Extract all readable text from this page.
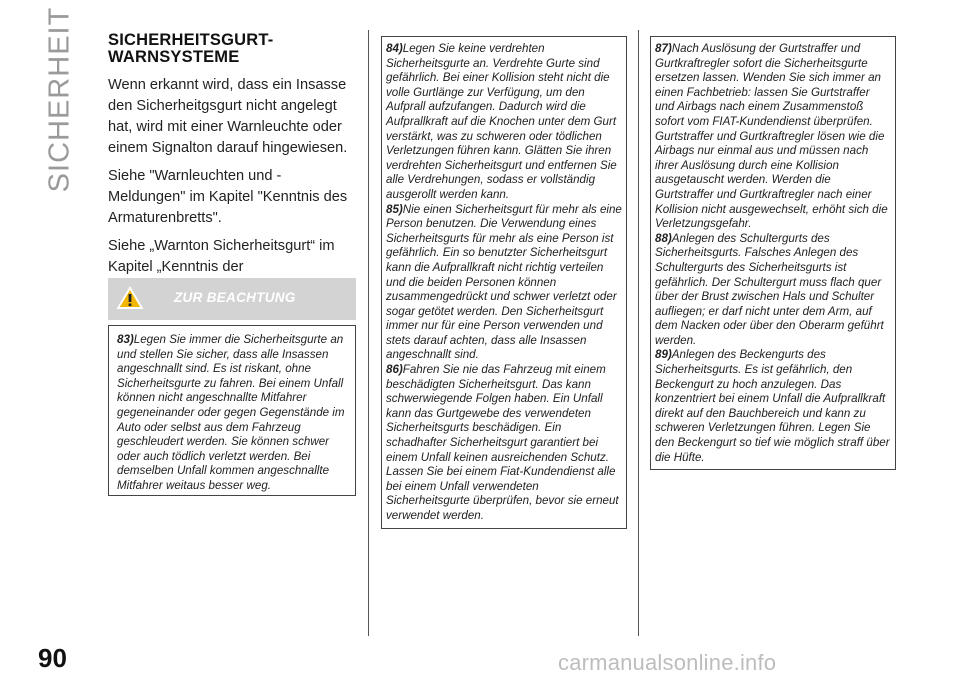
SICHERHEIT SICHERHEITSGURT-
WARNSYSTEME

Wenn erkannt wird, dass ein Insasse den Sicherheitgsgurt nicht angelegt hat, wird mit einer Warnleuchte oder einem Signalton darauf hingewiesen.

Siehe "Warnleuchten und -Meldungen" im Kapitel "Kenntnis des Armaturenbretts".

Siehe „Warnton Sicherheitsgurt“ im Kapitel „Kenntnis der

ZUR BEACHTUNG

83)Legen Sie immer die Sicherheitsgurte an und stellen Sie sicher, dass alle Insassen angeschnallt sind. Es ist riskant, ohne Sicherheitsgurte zu fahren. Bei einem Unfall können nicht angeschnallte Mitfahrer gegeneinander oder gegen Gegenstände im Auto oder selbst aus dem Fahrzeug geschleudert werden. Sie können schwer oder auch tödlich verletzt werden. Bei demselben Unfall kommen angeschnallte Mitfahrer weitaus besser weg.

84)Legen Sie keine verdrehten Sicherheitsgurte an. Verdrehte Gurte sind gefährlich. Bei einer Kollision steht nicht die volle Gurtlänge zur Verfügung, um den Aufprall aufzufangen. Dadurch wird die Aufprallkraft auf die Knochen unter dem Gurt verstärkt, was zu schweren oder tödlichen Verletzungen führen kann. Glätten Sie ihren verdrehten Sicherheitsgurt und entfernen Sie alle Verdrehungen, sodass er vollständig ausgerollt werden kann.

85)Nie einen Sicherheitsgurt für mehr als eine Person benutzen. Die Verwendung eines Sicherheitsgurts für mehr als eine Person ist gefährlich. Ein so benutzter Sicherheitsgurt kann die Aufprallkraft nicht richtig verteilen und die beiden Personen können zusammengedrückt und schwer verletzt oder sogar getötet werden. Den Sicherheitsgurt immer nur für eine Person verwenden und stets darauf achten, dass alle Insassen angeschnallt sind.

86)Fahren Sie nie das Fahrzeug mit einem beschädigten Sicherheitsgurt. Das kann schwerwiegende Folgen haben. Ein Unfall kann das Gurtgewebe des verwendeten Sicherheitsgurts beschädigen. Ein schadhafter Sicherheitsgurt garantiert bei einem Unfall keinen ausreichenden Schutz. Lassen Sie bei einem Fiat-Kundendienst alle bei einem Unfall verwendeten Sicherheitsgurte überprüfen, bevor sie erneut verwendet werden.

87)Nach Auslösung der Gurtstraffer und Gurtkraftregler sofort die Sicherheitsgurte ersetzen lassen. Wenden Sie sich immer an einen Fachbetrieb: lassen Sie Gurtstraffer und Airbags nach einem Zusammenstoß sofort vom FIAT-Kundendienst überprüfen. Gurtstraffer und Gurtkraftregler lösen wie die Airbags nur einmal aus und müssen nach ihrer Auslösung durch eine Kollision ausgetauscht werden. Werden die Gurtstraffer und Gurtkraftregler nach einer Kollision nicht ausgewechselt, erhöht sich die Verletzungsgefahr.

88)Anlegen des Schultergurts des Sicherheitsgurts. Falsches Anlegen des Schultergurts des Sicherheitsgurts ist gefährlich. Der Schultergurt muss flach quer über der Brust zwischen Hals und Schulter aufliegen; er darf nicht unter dem Arm, auf dem Nacken oder über den Oberarm geführt werden.

89)Anlegen des Beckengurts des Sicherheitsgurts. Es ist gefährlich, den Beckengurt zu hoch anzulegen. Das konzentriert bei einem Unfall die Aufprallkraft direkt auf den Bauchbereich und kann zu schweren Verletzungen führen. Legen Sie den Beckengurt so tief wie möglich straff über die Hüfte.

90	carmanualsonline.info
